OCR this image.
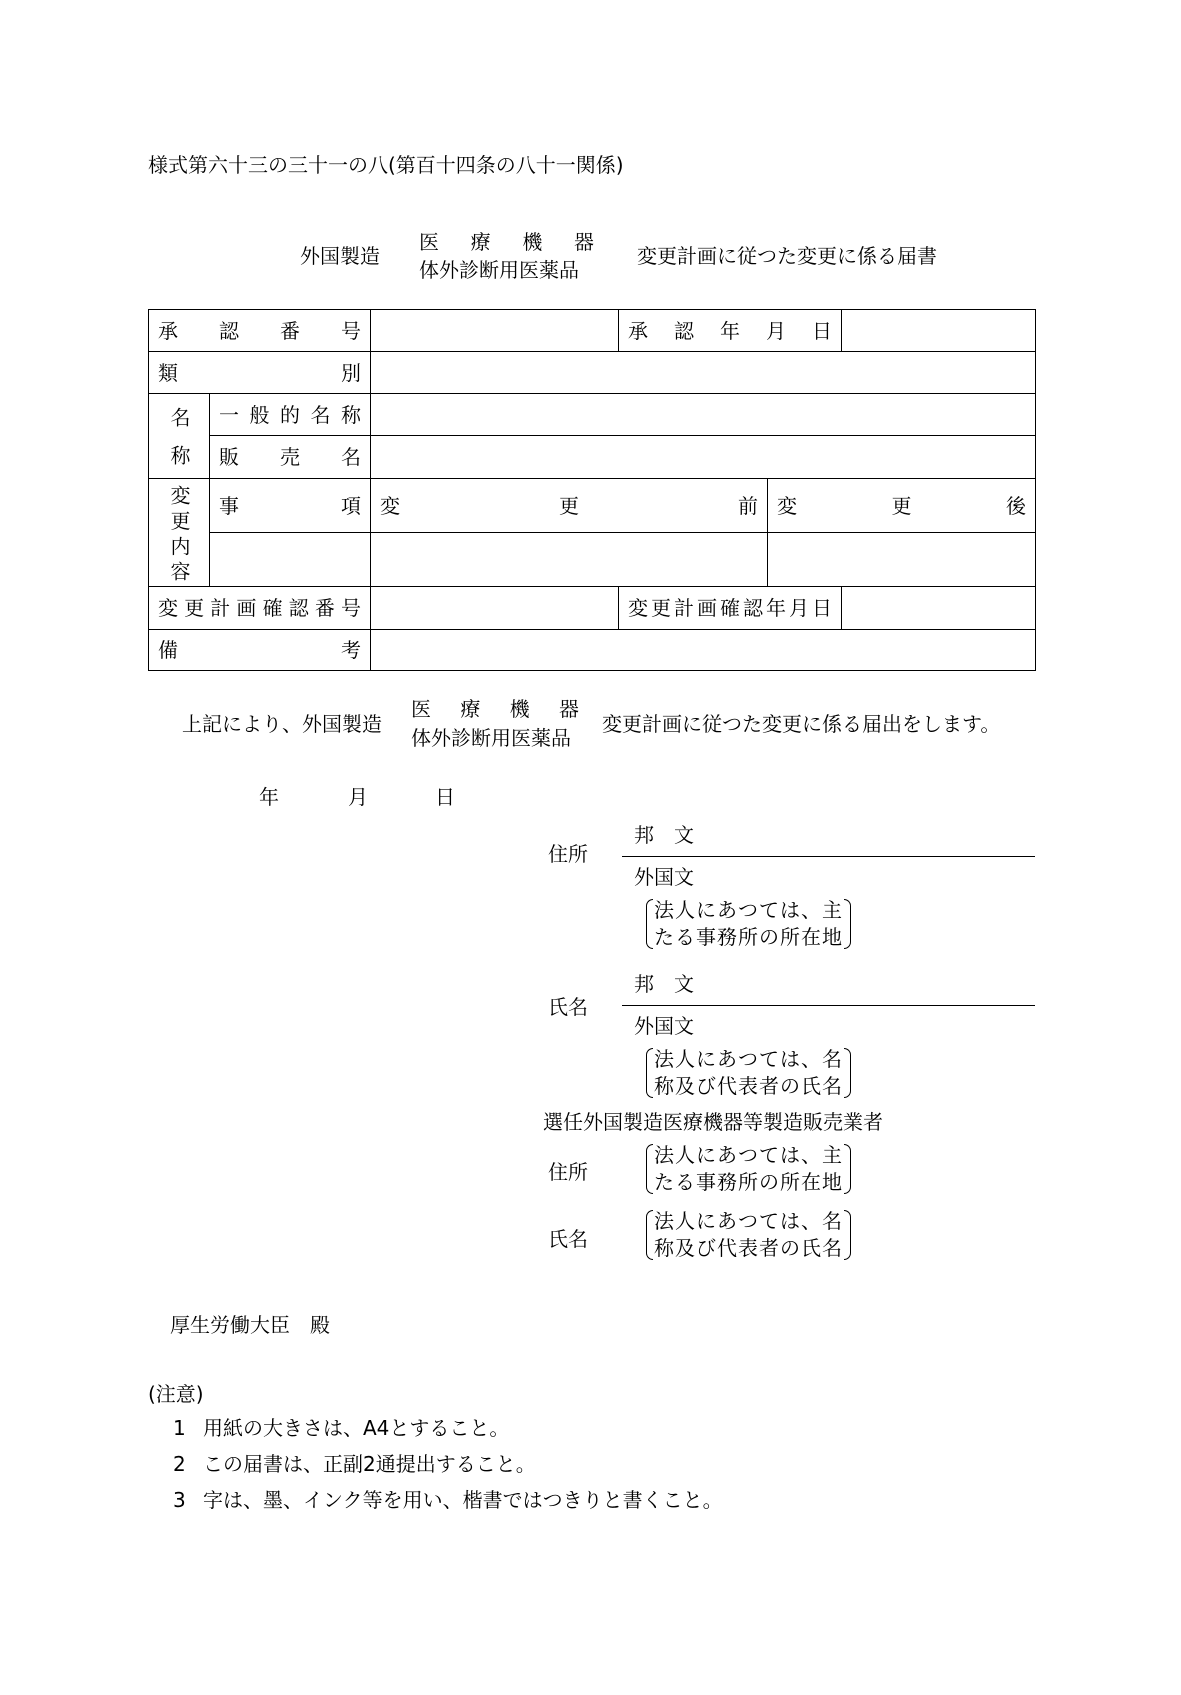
様式第六十三の三十一の八(第百十四条の八十一関係)
外国製造
医療機器
体外診断用医薬品
変更計画に従つた変更に係る届書
承認番号			承認年月日		

類別					

名称	一般的名称				

	販売名				

変更内容	事項	変更前		変更後	

変更計画確認番号			変更計画確認年月日		

備考					

上記により、外国製造
医療機器
体外診断用医薬品
変更計画に従つた変更に係る届出をします。
年	月	日
住所
邦　文
外国文
法人にあつては、主
たる事務所の所在地
氏名
邦　文
外国文
法人にあつては、名
称及び代表者の氏名
選任外国製造医療機器等製造販売業者
住所
法人にあつては、主
たる事務所の所在地
氏名
法人にあつては、名
称及び代表者の氏名
厚生労働大臣　殿
(注意)
1 用紙の大きさは、A4とすること。
2 この届書は、正副2通提出すること。
3 字は、墨、インク等を用い、楷書ではつきりと書くこと。
